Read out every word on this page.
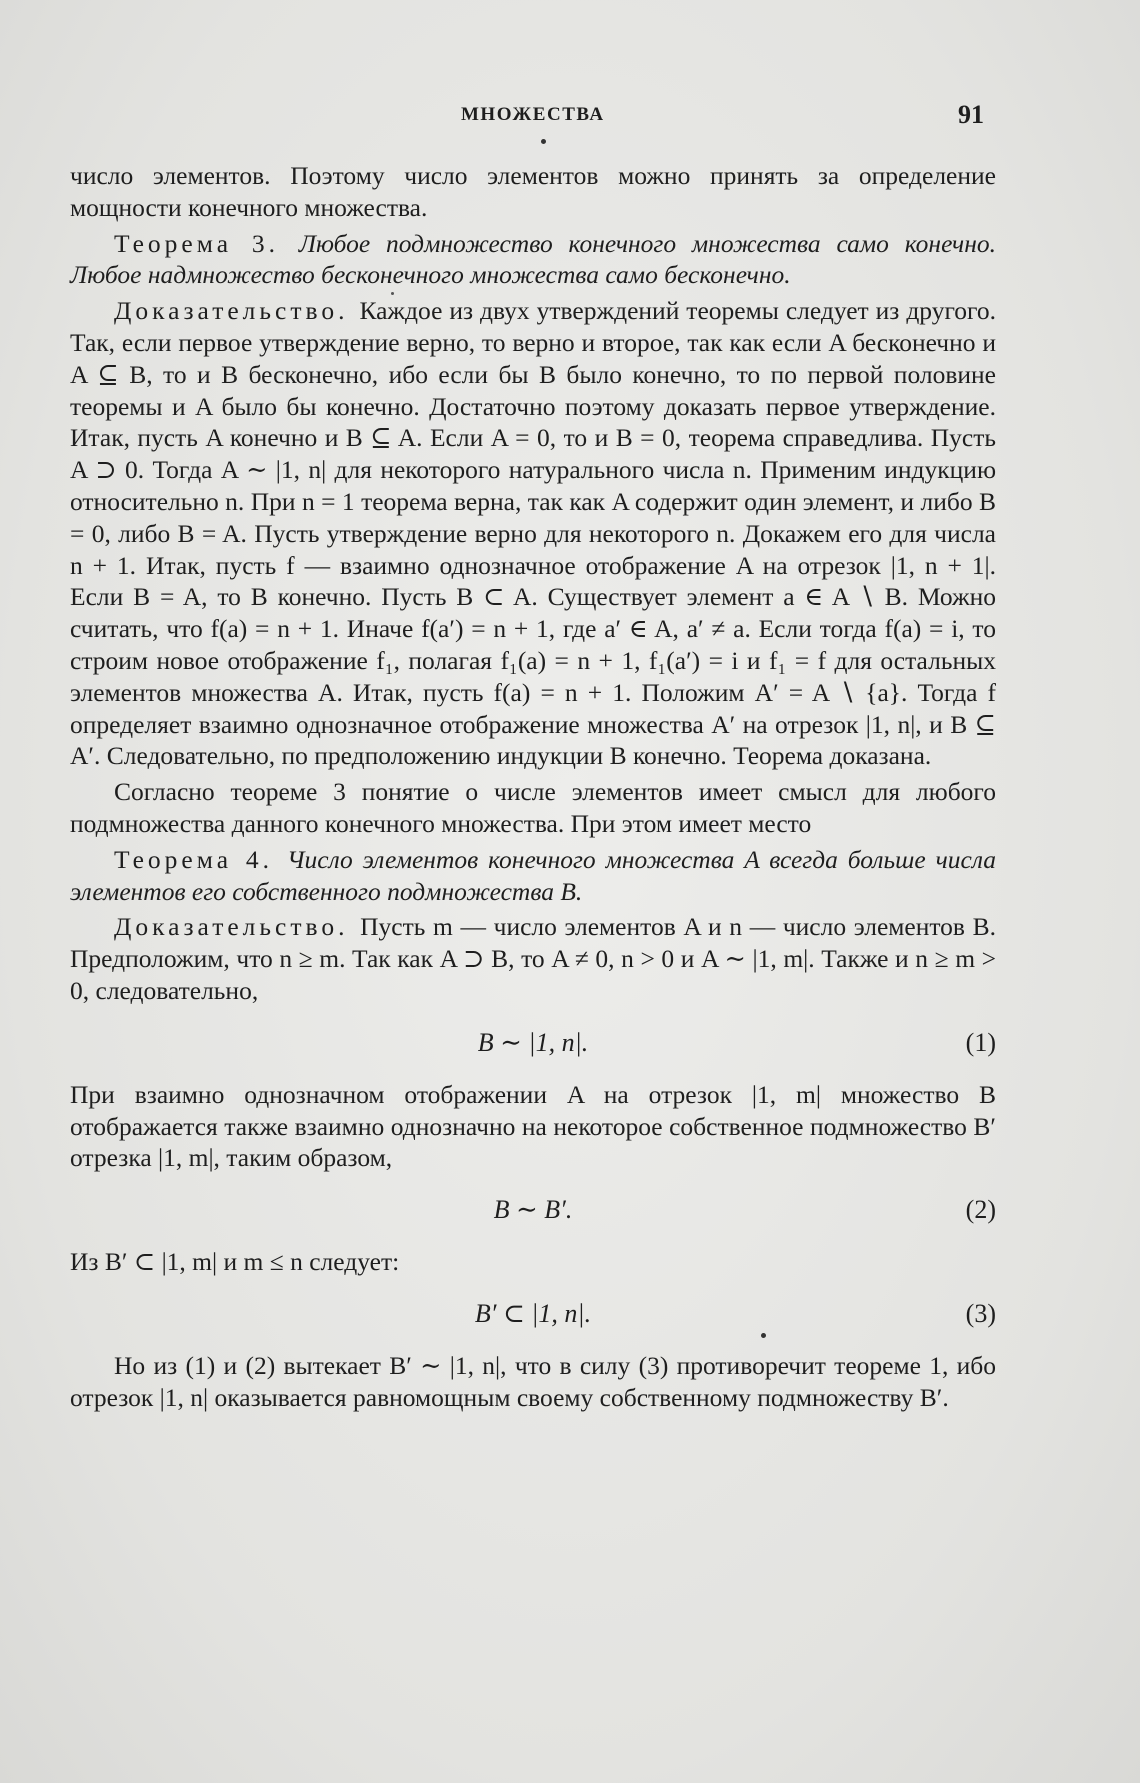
МНОЖЕСТВА	91

число элементов. Поэтому число элементов можно принять за определение мощности конечного множества.

Теорема 3. Любое подмножество конечного множества само конечно. Любое надмножество бесконечного множества само бесконечно.

Доказательство. Каждое из двух утверждений теоремы следует из другого. Так, если первое утверждение верно, то верно и второе, так как если A бесконечно и A ⊆ B, то и B бесконечно, ибо если бы B было конечно, то по первой половине теоремы и A было бы конечно. Достаточно поэтому доказать первое утверждение. Итак, пусть A конечно и B ⊆ A. Если A = 0, то и B = 0, теорема справедлива. Пусть A ⊃ 0. Тогда A ∼ |1, n| для некоторого натурального числа n. Применим индукцию относительно n. При n = 1 теорема верна, так как A содержит один элемент, и либо B = 0, либо B = A. Пусть утверждение верно для некоторого n. Докажем его для числа n + 1. Итак, пусть f — взаимно однозначное отображение A на отрезок |1, n + 1|. Если B = A, то B конечно. Пусть B ⊂ A. Существует элемент a ∈ A ∖ B. Можно считать, что f(a) = n + 1. Иначе f(a′) = n + 1, где a′ ∈ A, a′ ≠ a. Если тогда f(a) = i, то строим новое отображение f₁, полагая f₁(a) = n + 1, f₁(a′) = i и f₁ = f для остальных элементов множества A. Итак, пусть f(a) = n + 1. Положим A′ = A ∖ {a}. Тогда f определяет взаимно однозначное отображение множества A′ на отрезок |1, n|, и B ⊆ A′. Следовательно, по предположению индукции B конечно. Теорема доказана.

Согласно теореме 3 понятие о числе элементов имеет смысл для любого подмножества данного конечного множества. При этом имеет место

Теорема 4. Число элементов конечного множества A всегда больше числа элементов его собственного подмножества B.

Доказательство. Пусть m — число элементов A и n — число элементов B. Предположим, что n ≥ m. Так как A ⊃ B, то A ≠ 0, n > 0 и A ∼ |1, m|. Также и n ≥ m > 0, следовательно,

B ∼ |1, n|.	(1)

При взаимно однозначном отображении A на отрезок |1, m| множество B отображается также взаимно однозначно на некоторое собственное подмножество B′ отрезка |1, m|, таким образом,

B ∼ B′.	(2)

Из B′ ⊂ |1, m| и m ≤ n следует:

B′ ⊂ |1, n|.	(3)

Но из (1) и (2) вытекает B′ ∼ |1, n|, что в силу (3) противоречит теореме 1, ибо отрезок |1, n| оказывается равномощным своему собственному подмножеству B′.
